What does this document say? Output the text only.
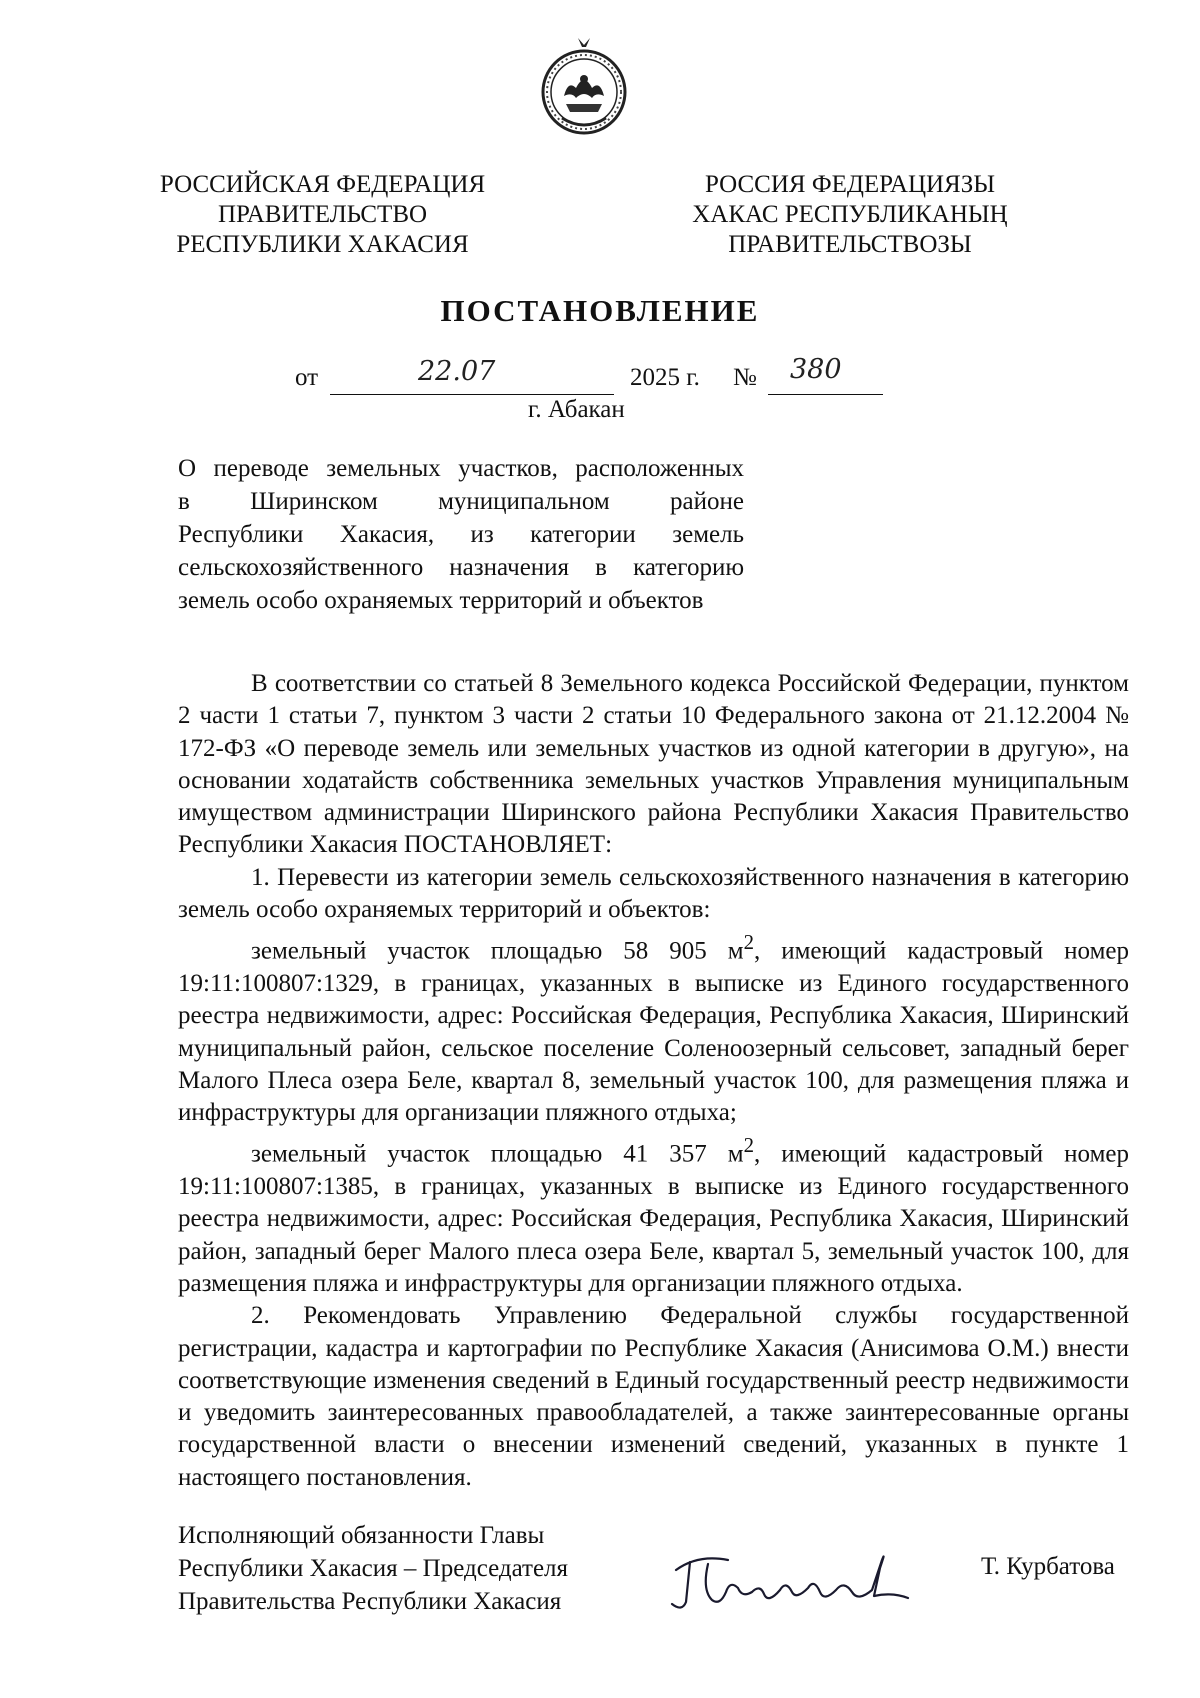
РОССИЙСКАЯ ФЕДЕРАЦИЯ
ПРАВИТЕЛЬСТВО
РЕСПУБЛИКИ ХАКАСИЯ
РОССИЯ ФЕДЕРАЦИЯЗЫ
ХАКАС РЕСПУБЛИКАНЫҢ
ПРАВИТЕЛЬСТВОЗЫ
ПОСТАНОВЛЕНИЕ
от	22.07	2025 г. № 380
г. Абакан
О переводе земельных участков, расположенных
в Ширинском муниципальном районе
Республики Хакасия, из категории земель
сельскохозяйственного назначения в категорию
земель особо охраняемых территорий и объектов

В соответствии со статьей 8 Земельного кодекса Российской Федерации, пунктом 2 части 1 статьи 7, пунктом 3 части 2 статьи 10 Федерального закона от 21.12.2004 № 172-ФЗ «О переводе земель или земельных участков из одной категории в другую», на основании ходатайств собственника земельных участков Управления муниципальным имуществом администрации Ширинского района Республики Хакасия Правительство Республики Хакасия ПОСТАНОВЛЯЕТ:

1. Перевести из категории земель сельскохозяйственного назначения в категорию земель особо охраняемых территорий и объектов:

земельный участок площадью 58 905 $м^2$, имеющий кадастровый номер 19:11:100807:1329, в границах, указанных в выписке из Единого государственного реестра недвижимости, адрес: Российская Федерация, Республика Хакасия, Ширинский муниципальный район, сельское поселение Соленоозерный сельсовет, западный берег Малого Плеса озера Беле, квартал 8, земельный участок 100, для размещения пляжа и инфраструктуры для организации пляжного отдыха;

земельный участок площадью 41 357 $м^2$, имеющий кадастровый номер 19:11:100807:1385, в границах, указанных в выписке из Единого государственного реестра недвижимости, адрес: Российская Федерация, Республика Хакасия, Ширинский район, западный берег Малого плеса озера Беле, квартал 5, земельный участок 100, для размещения пляжа и инфраструктуры для организации пляжного отдыха.

2. Рекомендовать Управлению Федеральной службы государственной регистрации, кадастра и картографии по Республике Хакасия (Анисимова О.М.) внести соответствующие изменения сведений в Единый государственный реестр недвижимости и уведомить заинтересованных правообладателей, а также заинтересованные органы государственной власти о внесении изменений сведений, указанных в пункте 1 настоящего постановления.

Исполняющий обязанности Главы
Республики Хакасия – Председателя
Правительства Республики Хакасия
Т. Курбатова
